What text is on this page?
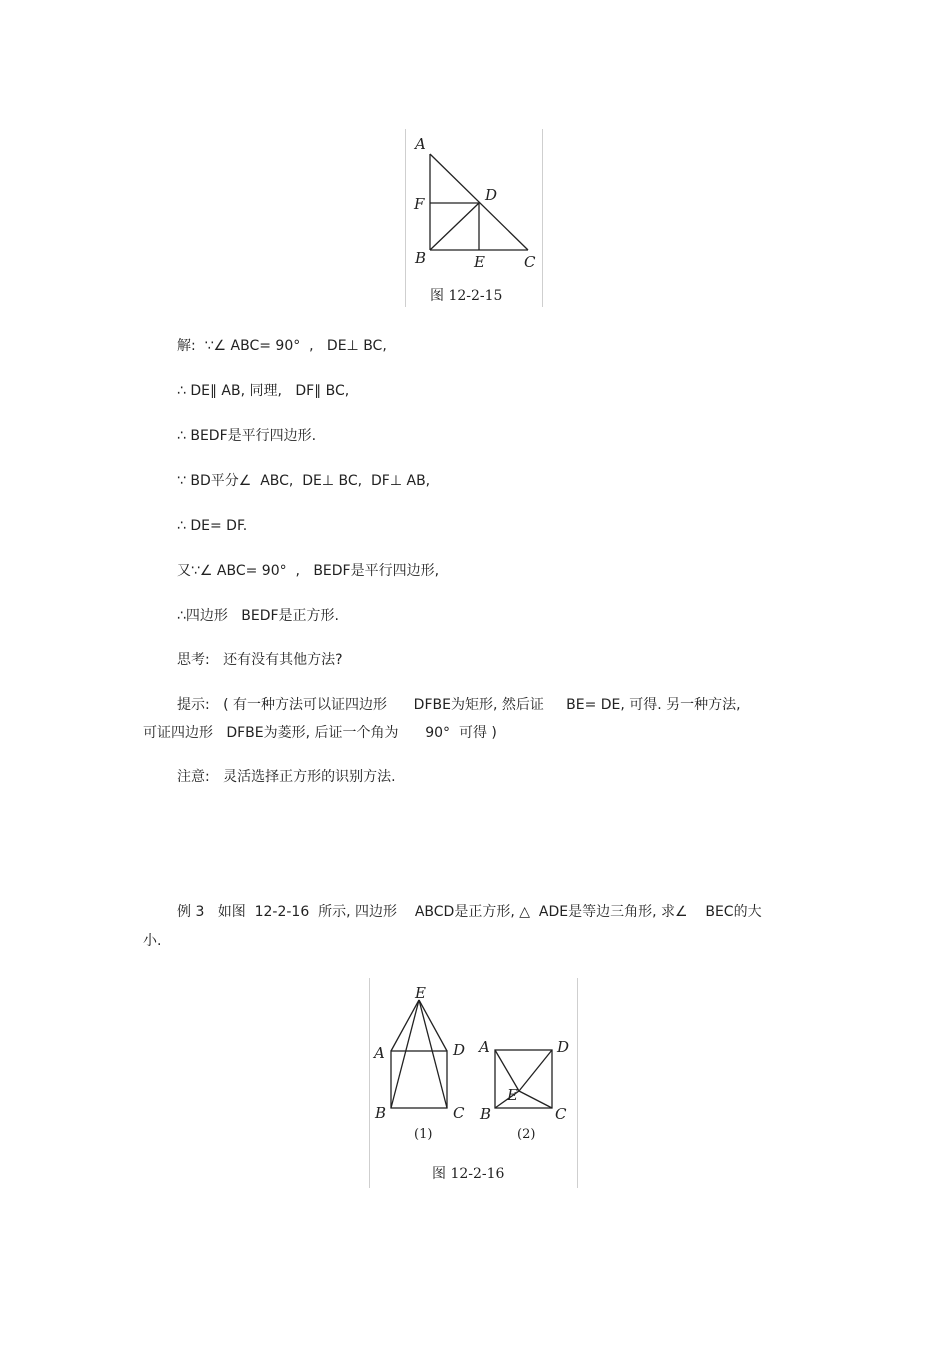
A
F	D
B	E	C
图 12-2-15
解:  ∵∠ ABC= 90°  ,   DE⊥ BC,
∴ DE∥ AB, 同理,   DF∥ BC,
∴ BEDF是平行四边形.
∵ BD平分∠  ABC,  DE⊥ BC,  DF⊥ AB,
∴ DE= DF.
又∵∠ ABC= 90°  ,   BEDF是平行四边形,
∴四边形   BEDF是正方形.
思考:   还有没有其他方法?
提示:   ( 有一种方法可以证四边形      DFBE为矩形, 然后证     BE= DE, 可得. 另一种方法,
可证四边形   DFBE为菱形, 后证一个角为      90°  可得 )
注意:   灵活选择正方形的识别方法.
例 3   如图  12-2-16  所示, 四边形    ABCD是正方形, △  ADE是等边三角形, 求∠    BEC的大
小.
E
A	D
B	C
(1)
A	D
E
B	C
(2)
图 12-2-16
